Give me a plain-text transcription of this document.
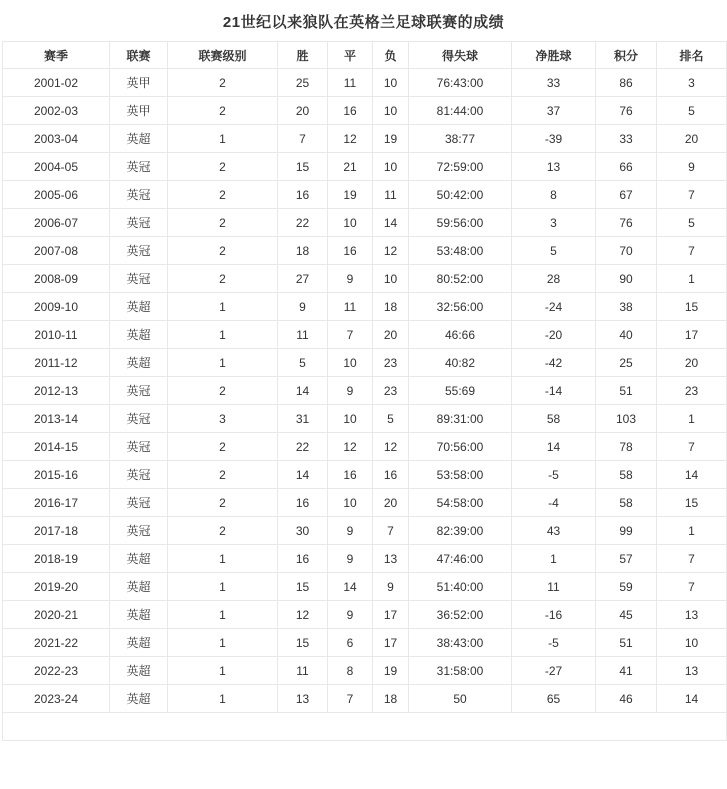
21世纪以来狼队在英格兰足球联赛的成绩
赛季	联赛	联赛级别	胜	平	负	得失球	净胜球	积分	排名
2001-02	英甲	2	25	11	10	76:43:00	33	86	3
2002-03	英甲	2	20	16	10	81:44:00	37	76	5
2003-04	英超	1	7	12	19	38:77	-39	33	20
2004-05	英冠	2	15	21	10	72:59:00	13	66	9
2005-06	英冠	2	16	19	11	50:42:00	8	67	7
2006-07	英冠	2	22	10	14	59:56:00	3	76	5
2007-08	英冠	2	18	16	12	53:48:00	5	70	7
2008-09	英冠	2	27	9	10	80:52:00	28	90	1
2009-10	英超	1	9	11	18	32:56:00	-24	38	15
2010-11	英超	1	11	7	20	46:66	-20	40	17
2011-12	英超	1	5	10	23	40:82	-42	25	20
2012-13	英冠	2	14	9	23	55:69	-14	51	23
2013-14	英冠	3	31	10	5	89:31:00	58	103	1
2014-15	英冠	2	22	12	12	70:56:00	14	78	7
2015-16	英冠	2	14	16	16	53:58:00	-5	58	14
2016-17	英冠	2	16	10	20	54:58:00	-4	58	15
2017-18	英冠	2	30	9	7	82:39:00	43	99	1
2018-19	英超	1	16	9	13	47:46:00	1	57	7
2019-20	英超	1	15	14	9	51:40:00	11	59	7
2020-21	英超	1	12	9	17	36:52:00	-16	45	13
2021-22	英超	1	15	6	17	38:43:00	-5	51	10
2022-23	英超	1	11	8	19	31:58:00	-27	41	13
2023-24	英超	1	13	7	18	50	65	46	14
